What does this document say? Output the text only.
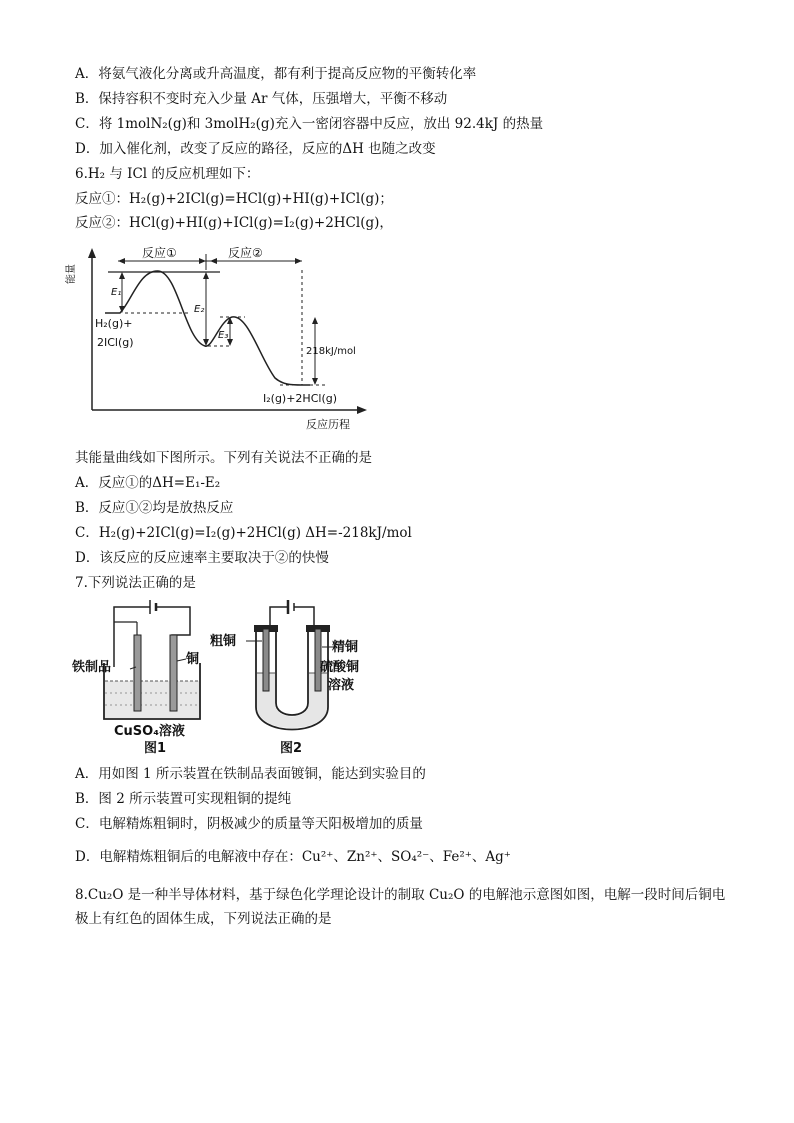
A．将氨气液化分离或升高温度，都有利于提高反应物的平衡转化率
B．保持容积不变时充入少量 Ar 气体，压强增大，平衡不移动
C．将 1molN₂(g)和 3molH₂(g)充入一密闭容器中反应，放出 92.4kJ 的热量
D．加入催化剂，改变了反应的路径，反应的ΔH 也随之改变
6.H₂ 与 ICl 的反应机理如下：
反应①：H₂(g)+2ICl(g)=HCl(g)+HI(g)+ICl(g)；
反应②：HCl(g)+HI(g)+ICl(g)=I₂(g)+2HCl(g)，
反应①	反应②
能量
E₁
E₂
E₃
H₂(g)+
2ICl(g)
218kJ/mol
I₂(g)+2HCl(g)
反应历程
其能量曲线如下图所示。下列有关说法不正确的是
A．反应①的ΔH=E₁-E₂
B．反应①②均是放热反应
C．H₂(g)+2ICl(g)=I₂(g)+2HCl(g) ΔH=-218kJ/mol
D．该反应的反应速率主要取决于②的快慢
7.下列说法正确的是
铁制品
铜
CuSO₄溶液
图1
粗铜	精铜
硫酸铜
溶液
图2
A．用如图 1 所示装置在铁制品表面镀铜，能达到实验目的
B．图 2 所示装置可实现粗铜的提纯
C．电解精炼粗铜时，阴极减少的质量等天阳极增加的质量
D．电解精炼粗铜后的电解液中存在：Cu²⁺、Zn²⁺、SO₄²⁻、Fe²⁺、Ag⁺
8.Cu₂O 是一种半导体材料，基于绿色化学理论设计的制取 Cu₂O 的电解池示意图如图，电解一段时间后铜电
极上有红色的固体生成，下列说法正确的是
